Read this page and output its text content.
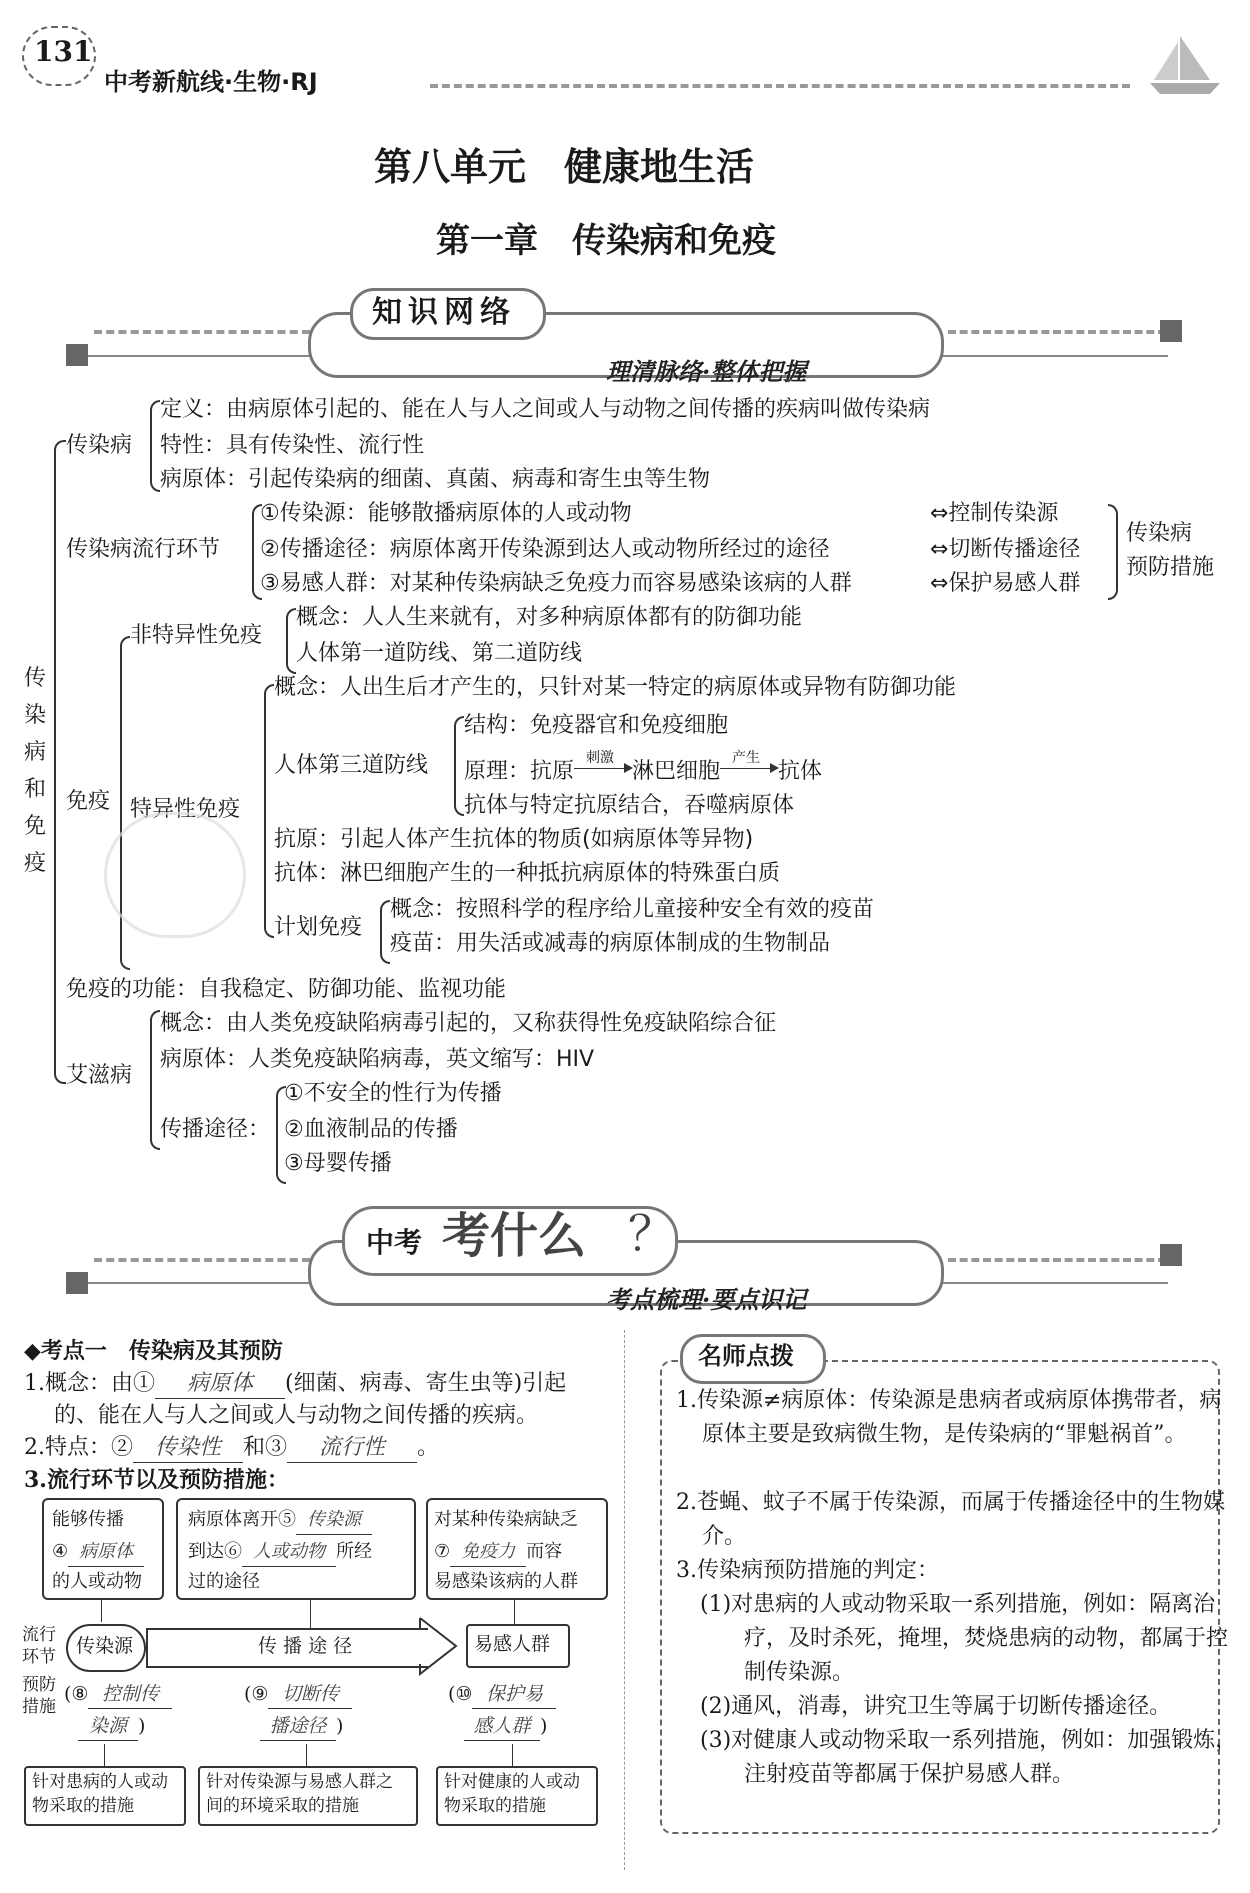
131
中考新航线·生物·RJ
第八单元　健康地生活
第一章　传染病和免疫
知识网络
理清脉络·整体把握
传染病和免疫
传染病
定义：由病原体引起的、能在人与人之间或人与动物之间传播的疾病叫做传染病
特性：具有传染性、流行性
病原体：引起传染病的细菌、真菌、病毒和寄生虫等生物
传染病流行环节
①传染源：能够散播病原体的人或动物
②传播途径：病原体离开传染源到达人或动物所经过的途径
③易感人群：对某种传染病缺乏免疫力而容易感染该病的人群
⇔控制传染源
⇔切断传播途径
⇔保护易感人群
传染病
预防措施
免疫
非特异性免疫
概念：人人生来就有，对多种病原体都有的防御功能
人体第一道防线、第二道防线
特异性免疫
概念：人出生后才产生的，只针对某一特定的病原体或异物有防御功能
人体第三道防线
结构：免疫器官和免疫细胞
原理：抗原
刺激
淋巴细胞
产生
抗体
抗体与特定抗原结合，吞噬病原体
抗原：引起人体产生抗体的物质(如病原体等异物)
抗体：淋巴细胞产生的一种抵抗病原体的特殊蛋白质
计划免疫
概念：按照科学的程序给儿童接种安全有效的疫苗
疫苗：用失活或减毒的病原体制成的生物制品
免疫的功能：自我稳定、防御功能、监视功能
艾滋病
概念：由人类免疫缺陷病毒引起的，又称获得性免疫缺陷综合征
病原体：人类免疫缺陷病毒，英文缩写：HIV
传播途径：
①不安全的性行为传播
②血液制品的传播
③母婴传播
中考 考什么 ？
考点梳理·要点识记
◆考点一　传染病及其预防
1.概念：由① 病原体 (细菌、病毒、寄生虫等)引起
的、能在人与人之间或人与动物之间传播的疾病。
2.特点：② 传染性 和③ 流行性 。
3.流行环节以及预防措施：
能够传播
④ 病原体
的人或动物
病原体离开⑤ 传染源
到达⑥ 人或动物 所经
过的途径
对某种传染病缺乏
⑦ 免疫力 而容
易感染该病的人群
流行环节	传染源	传 播 途 径	易感人群
预防措施
(⑧ 控制传
染源 )
(⑨ 切断传
播途径 )
(⑩ 保护易
感人群 )
针对患病的人或动物采取的措施
针对传染源与易感人群之间的环境采取的措施
针对健康的人或动物采取的措施
名师点拨
1.传染源≠病原体：传染源是患病者或病原体携带者，病原体主要是致病微生物，是传染病的“罪魁祸首”。
2.苍蝇、蚊子不属于传染源，而属于传播途径中的生物媒介。
3.传染病预防措施的判定：
(1)对患病的人或动物采取一系列措施，例如：隔离治疗，及时杀死，掩埋，焚烧患病的动物，都属于控制传染源。
(2)通风，消毒，讲究卫生等属于切断传播途径。
(3)对健康人或动物采取一系列措施，例如：加强锻炼，注射疫苗等都属于保护易感人群。
